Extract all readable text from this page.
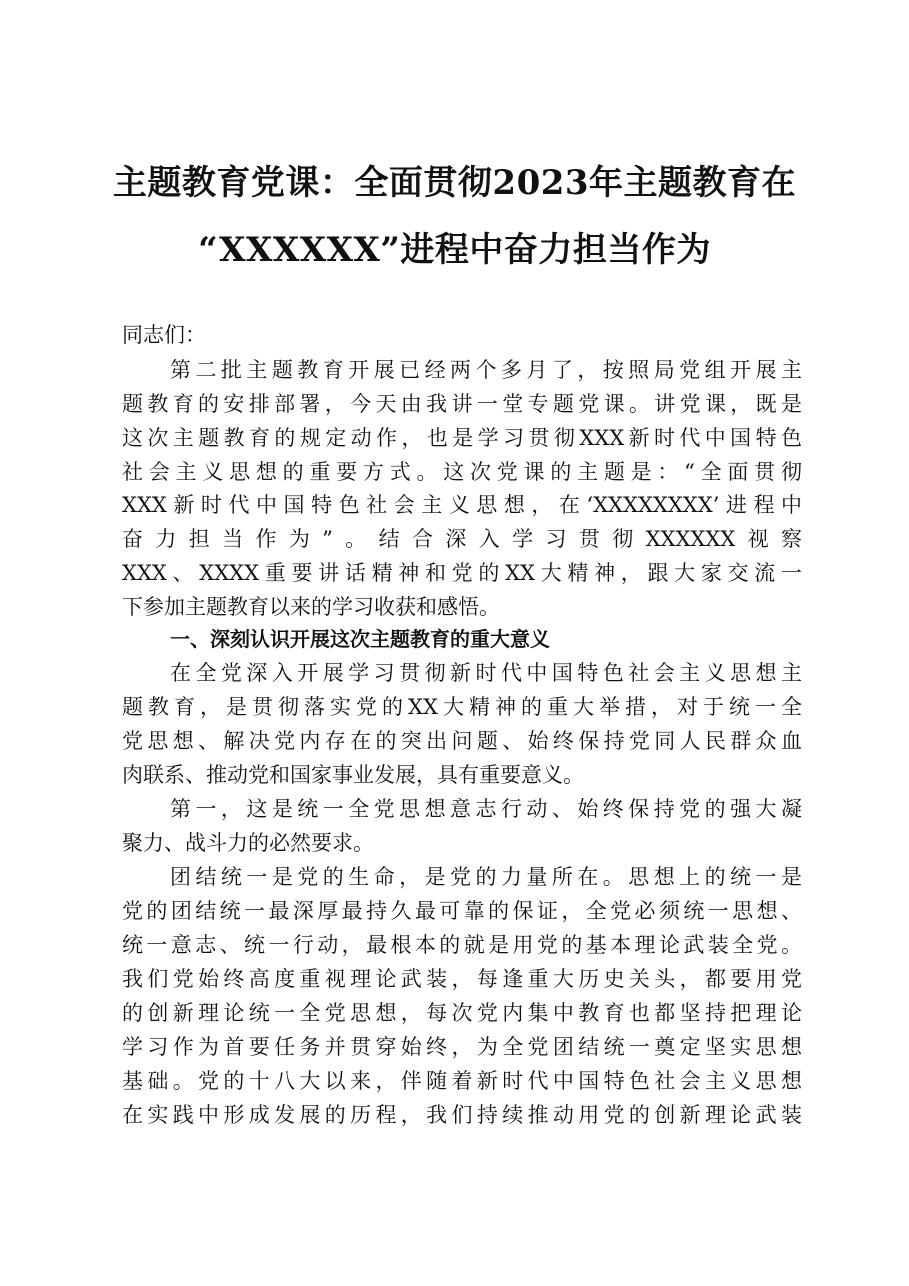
主题教育党课：全面贯彻2023年主题教育在
“XXXXXX”进程中奋力担当作为
同志们：
第二批主题教育开展已经两个多月了，按照局党组开展主
题教育的安排部署，今天由我讲一堂专题党课。讲党课，既是
这次主题教育的规定动作，也是学习贯彻XXX新时代中国特色
社会主义思想的重要方式。这次党课的主题是：“全面贯彻
XXX新时代中国特色社会主义思想，在‘XXXXXXXX’进程中
奋力担当作为”。结合深入学习贯彻XXXXXX视察
XXX、XXXX重要讲话精神和党的XX大精神，跟大家交流一
下参加主题教育以来的学习收获和感悟。
一、深刻认识开展这次主题教育的重大意义
在全党深入开展学习贯彻新时代中国特色社会主义思想主
题教育，是贯彻落实党的XX大精神的重大举措，对于统一全
党思想、解决党内存在的突出问题、始终保持党同人民群众血
肉联系、推动党和国家事业发展，具有重要意义。
第一，这是统一全党思想意志行动、始终保持党的强大凝
聚力、战斗力的必然要求。
团结统一是党的生命，是党的力量所在。思想上的统一是
党的团结统一最深厚最持久最可靠的保证，全党必须统一思想、
统一意志、统一行动，最根本的就是用党的基本理论武装全党。
我们党始终高度重视理论武装，每逢重大历史关头，都要用党
的创新理论统一全党思想，每次党内集中教育也都坚持把理论
学习作为首要任务并贯穿始终，为全党团结统一奠定坚实思想
基础。党的十八大以来，伴随着新时代中国特色社会主义思想
在实践中形成发展的历程，我们持续推动用党的创新理论武装
